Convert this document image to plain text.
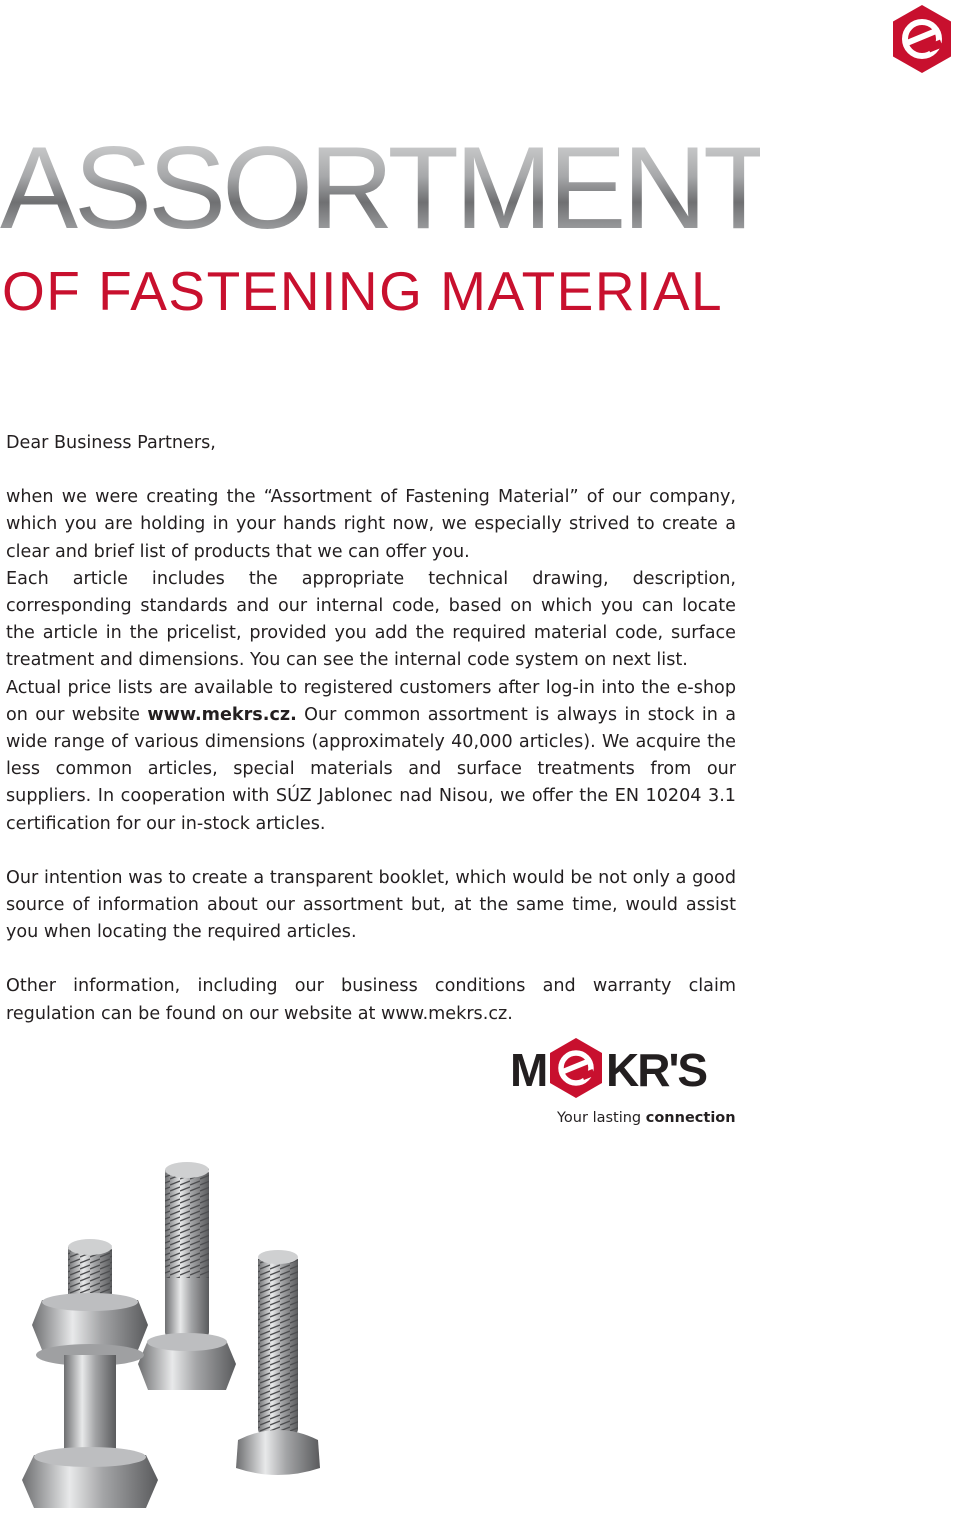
ASSORTMENT
OF FASTENING MATERIAL

Dear Business Partners,

when we were creating the “Assortment of Fastening Material” of our company, which you are holding in your hands right now, we especially strived to create a clear and brief list of products that we can offer you.

Each article includes the appropriate technical drawing, description, corresponding standards and our internal code, based on which you can locate the article in the pricelist, provided you add the required material code, surface treatment and dimensions. You can see the internal code system on next list.

Actual price lists are available to registered customers after log-in into the e-shop on our website www.mekrs.cz. Our common assortment is always in stock in a wide range of various dimensions (approximately 40,000 articles). We acquire the less common articles, special materials and surface treatments from our suppliers. In cooperation with SÚZ Jablonec nad Nisou, we offer the EN 10204 3.1 certification for our in-stock articles.

Our intention was to create a transparent booklet, which would be not only a good source of information about our assortment but, at the same time, would assist you when locating the required articles.

Other information, including our business conditions and warranty claim regulation can be found on our website at www.mekrs.cz.

M KR'S
Your lasting connection
